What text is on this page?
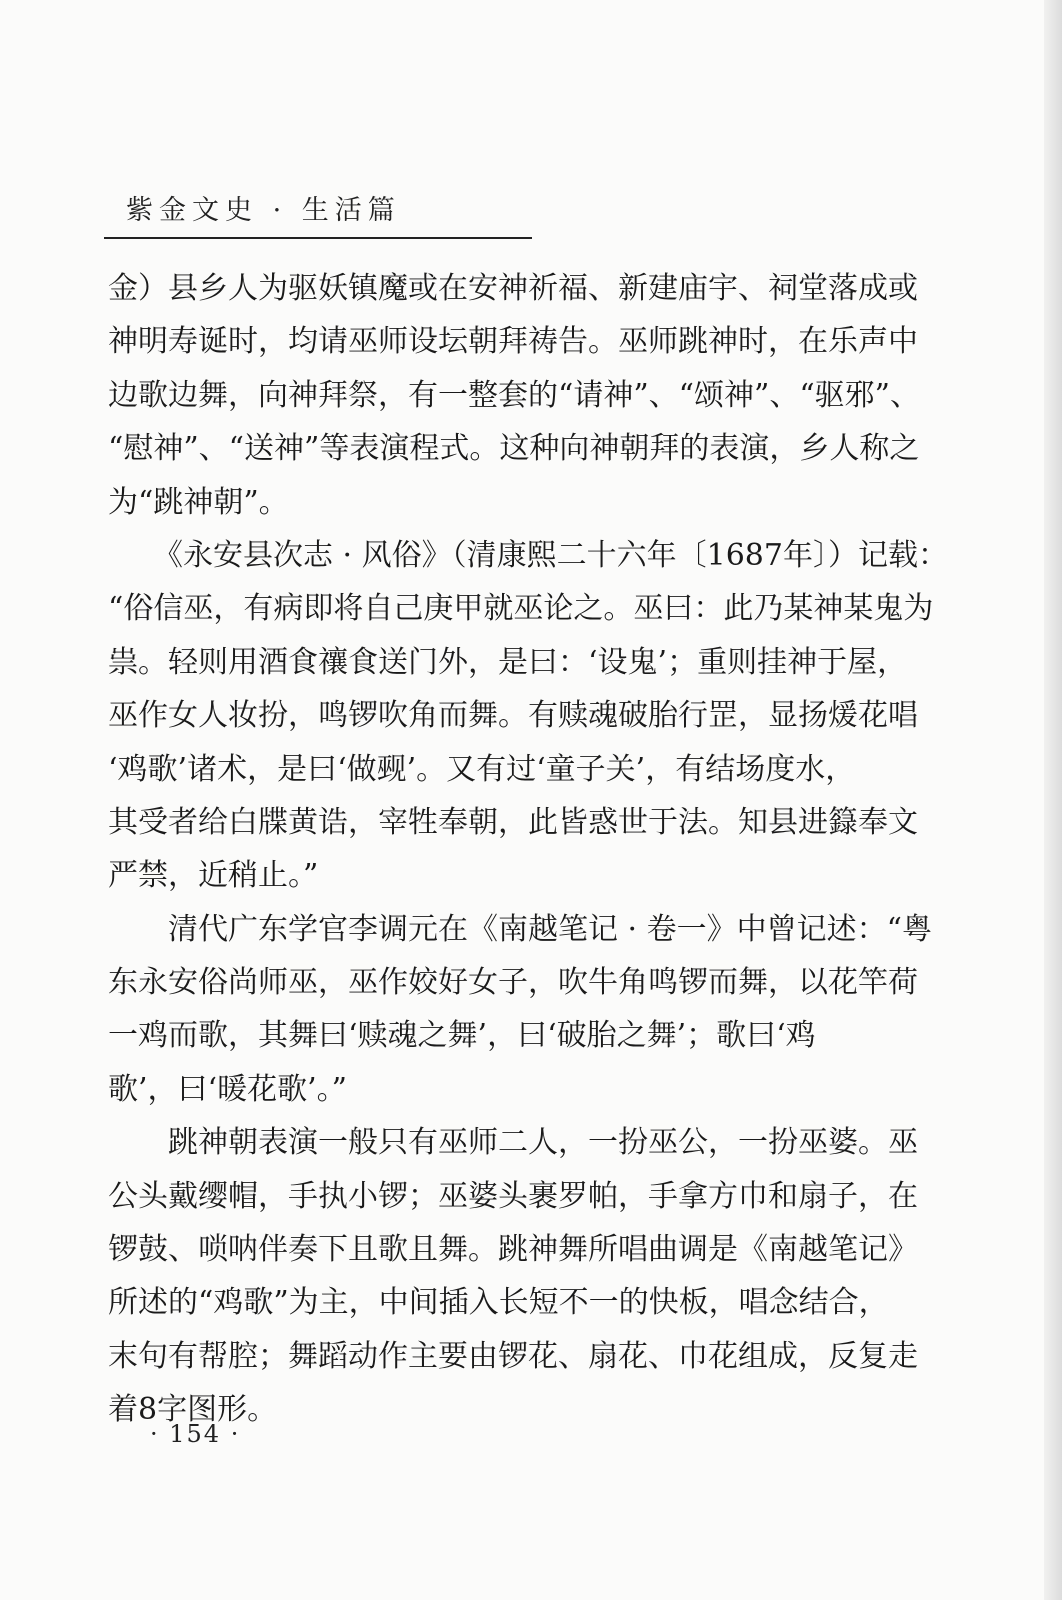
紫金文史 · 生活篇
金）县乡人为驱妖镇魔或在安神祈福、新建庙宇、祠堂落成或
神明寿诞时，均请巫师设坛朝拜祷告。巫师跳神时，在乐声中
边歌边舞，向神拜祭，有一整套的“请神”、“颂神”、“驱邪”、
“慰神”、“送神”等表演程式。这种向神朝拜的表演，乡人称之
为“跳神朝”。
　　《永安县次志 · 风俗》（清康熙二十六年〔1687年〕）记载：
“俗信巫，有病即将自己庚甲就巫论之。巫曰：此乃某神某鬼为
祟。轻则用酒食禳食送门外，是曰：‘设鬼’；重则挂神于屋，
巫作女人妆扮，鸣锣吹角而舞。有赎魂破胎行罡，显扬煖花唱
‘鸡歌’诸术，是曰‘做觋’。又有过‘童子关’，有结场度水，
其受者给白牒黄诰，宰牲奉朝，此皆惑世于法。知县进籙奉文
严禁，近稍止。”
　　清代广东学官李调元在《南越笔记 · 卷一》中曾记述：“粤
东永安俗尚师巫，巫作姣好女子，吹牛角鸣锣而舞，以花竿荷
一鸡而歌，其舞曰‘赎魂之舞’，曰‘破胎之舞’；歌曰‘鸡
歌’，曰‘暖花歌’。”
　　跳神朝表演一般只有巫师二人，一扮巫公，一扮巫婆。巫
公头戴缨帽，手执小锣；巫婆头裹罗帕，手拿方巾和扇子，在
锣鼓、唢呐伴奏下且歌且舞。跳神舞所唱曲调是《南越笔记》
所述的“鸡歌”为主，中间插入长短不一的快板，唱念结合，
末句有帮腔；舞蹈动作主要由锣花、扇花、巾花组成，反复走
着8字图形。
· 154 ·
